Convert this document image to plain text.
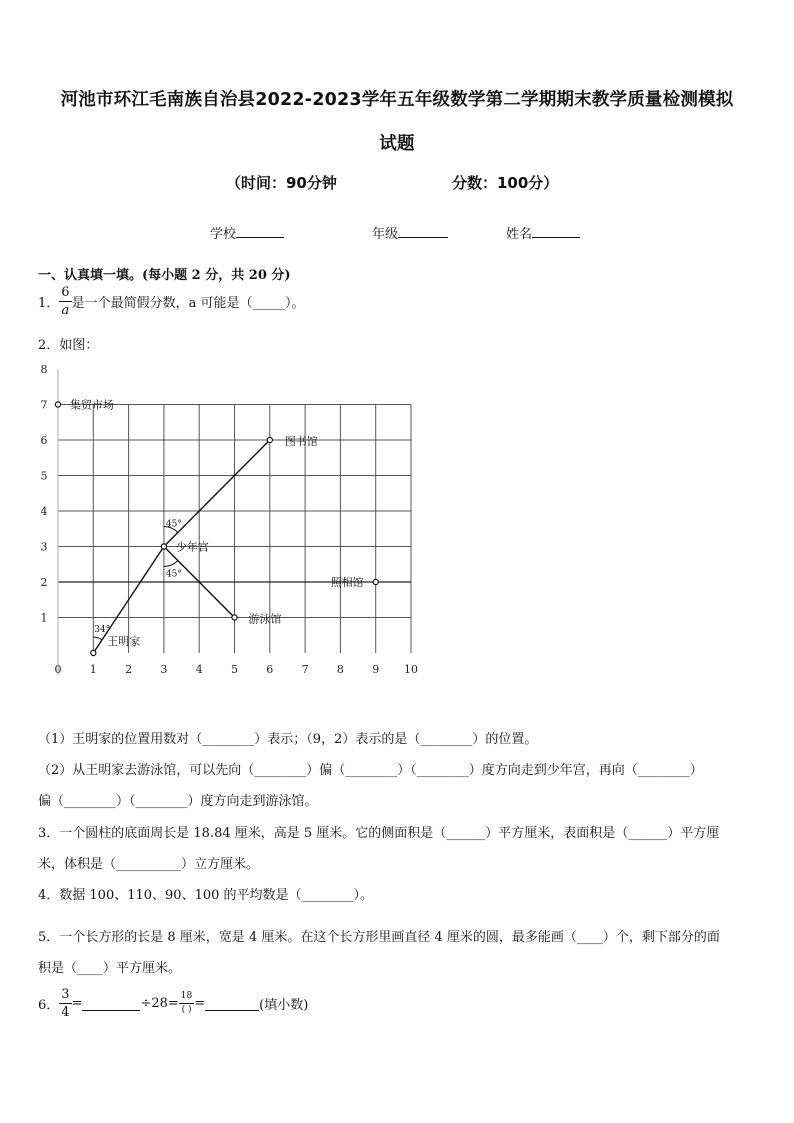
河池市环江毛南族自治县2022-2023学年五年级数学第二学期期末教学质量检测模拟
试题
（时间：90分钟	分数：100分）
学校	年级	姓名
一、认真填一填。(每小题 2 分，共 20 分)
1． $\frac{6}{a}$ 是一个最简假分数，a 可能是（_____）。
2．如图：
0	1	2	3	4	5	6	7	8	9 10
1
2
3
4
5
6
7
8
45°
45°
34°
集贸市场
图书馆
少年宫
照相馆
游泳馆
王明家
（1）王明家的位置用数对（________）表示；（9，2）表示的是（________）的位置。
（2）从王明家去游泳馆，可以先向（________）偏（________）（________）度方向走到少年宫，再向（________）
偏（________）（________）度方向走到游泳馆。
3．一个圆柱的底面周长是 18.84 厘米，高是 5 厘米。它的侧面积是（______）平方厘米，表面积是（______）平方厘
米，体积是（__________）立方厘米。
4．数据 100、110、90、100 的平均数是（________）。
5．一个长方形的长是 8 厘米，宽是 4 厘米。在这个长方形里画直径 4 厘米的圆，最多能画（____）个，剩下部分的面
积是（____）平方厘米。
6． $\frac{3}{4}$ =	$\div 28= \frac{18}{( )}$ =	(填小数)
